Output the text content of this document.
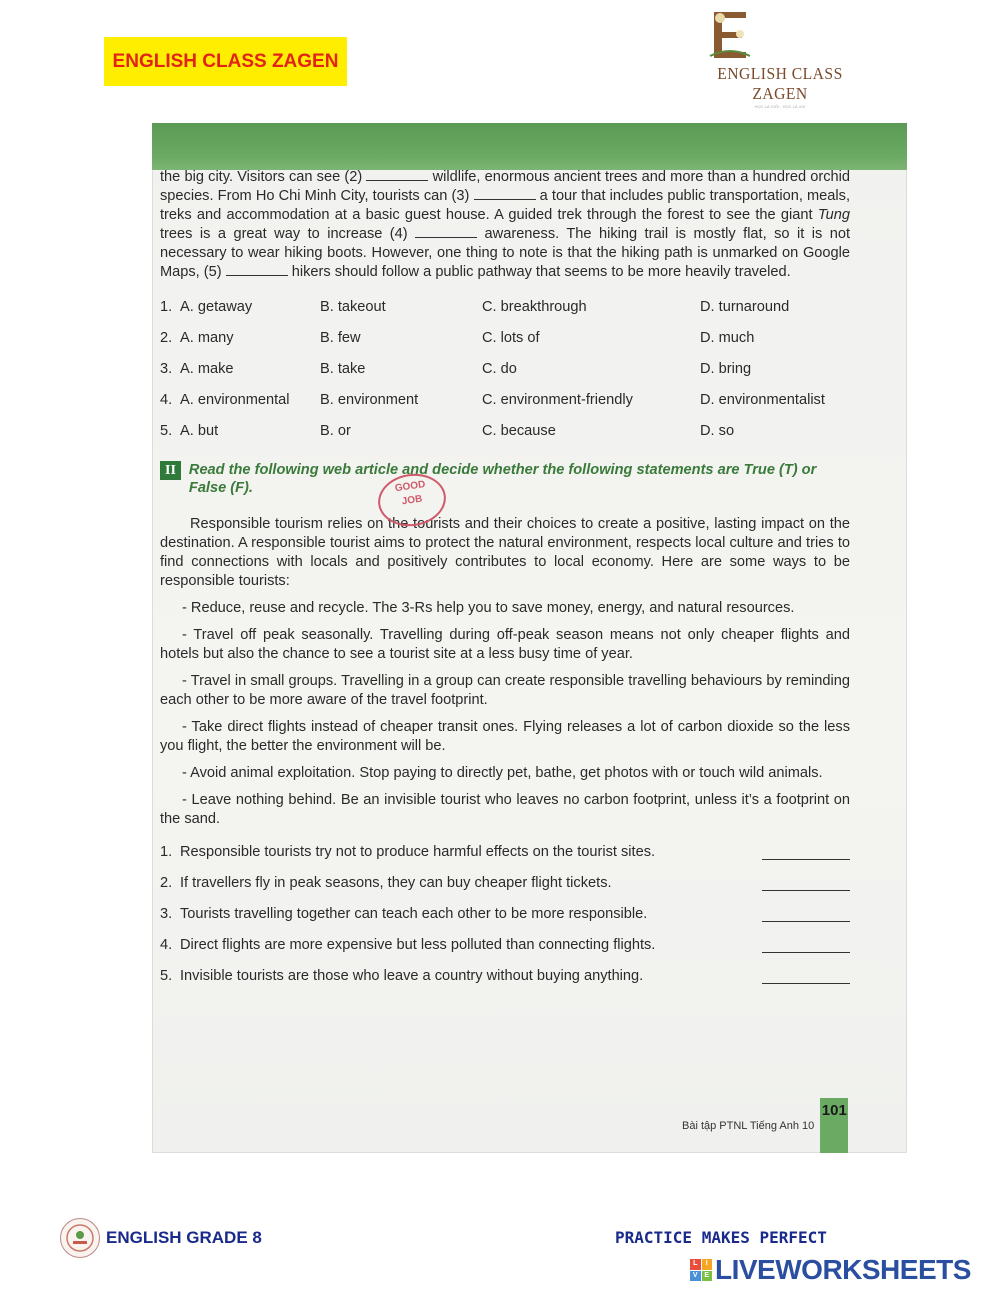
ENGLISH CLASS ZAGEN
ENGLISH CLASS ZAGEN
HỌC LÀ GIỎI - HỌC LÀ VUI

the big city. Visitors can see (2)	wildlife, enormous ancient trees and more than a hundred orchid species. From Ho Chi Minh City, tourists can (3)	a tour that includes public transportation, meals, treks and accommodation at a basic guest house. A guided trek through the forest to see the giant Tung trees is a great way to increase (4)	awareness. The hiking trail is mostly flat, so it is not necessary to wear hiking boots. However, one thing to note is that the hiking path is unmarked on Google Maps, (5)	hikers should follow a public pathway that seems to be more heavily traveled.

1. A. getaway	B. takeout	C. breakthrough	D. turnaround
2. A. many	B. few	C. lots of	D. much
3. A. make	B. take	C. do	D. bring
4. A. environmental	B. environment	C. environment-friendly	D. environmentalist
5. A. but	B. or	C. because	D. so
GOOD
JOB
II Read the following web article and decide whether the following statements are True (T) or False (F).

Responsible tourism relies on the tourists and their choices to create a positive, lasting impact on the destination. A responsible tourist aims to protect the natural environment, respects local culture and tries to find connections with locals and positively contributes to local economy. Here are some ways to be responsible tourists:

- Reduce, reuse and recycle. The 3-Rs help you to save money, energy, and natural resources.

- Travel off peak seasonally. Travelling during off-peak season means not only cheaper flights and hotels but also the chance to see a tourist site at a less busy time of year.

- Travel in small groups. Travelling in a group can create responsible travelling behaviours by reminding each other to be more aware of the travel footprint.

- Take direct flights instead of cheaper transit ones. Flying releases a lot of carbon dioxide so the less you flight, the better the environment will be.

- Avoid animal exploitation. Stop paying to directly pet, bathe, get photos with or touch wild animals.

- Leave nothing behind. Be an invisible tourist who leaves no carbon footprint, unless it’s a footprint on the sand.

1. Responsible tourists try not to produce harmful effects on the tourist sites.
2. If travellers fly in peak seasons, they can buy cheaper flight tickets.
3. Tourists travelling together can teach each other to be more responsible.
4. Direct flights are more expensive but less polluted than connecting flights.
5. Invisible tourists are those who leave a country without buying anything.
Bài tập PTNL Tiếng Anh 10
101
ENGLISH GRADE 8	PRACTICE MAKES PERFECT
L	I
V E LIVEWORKSHEETS
